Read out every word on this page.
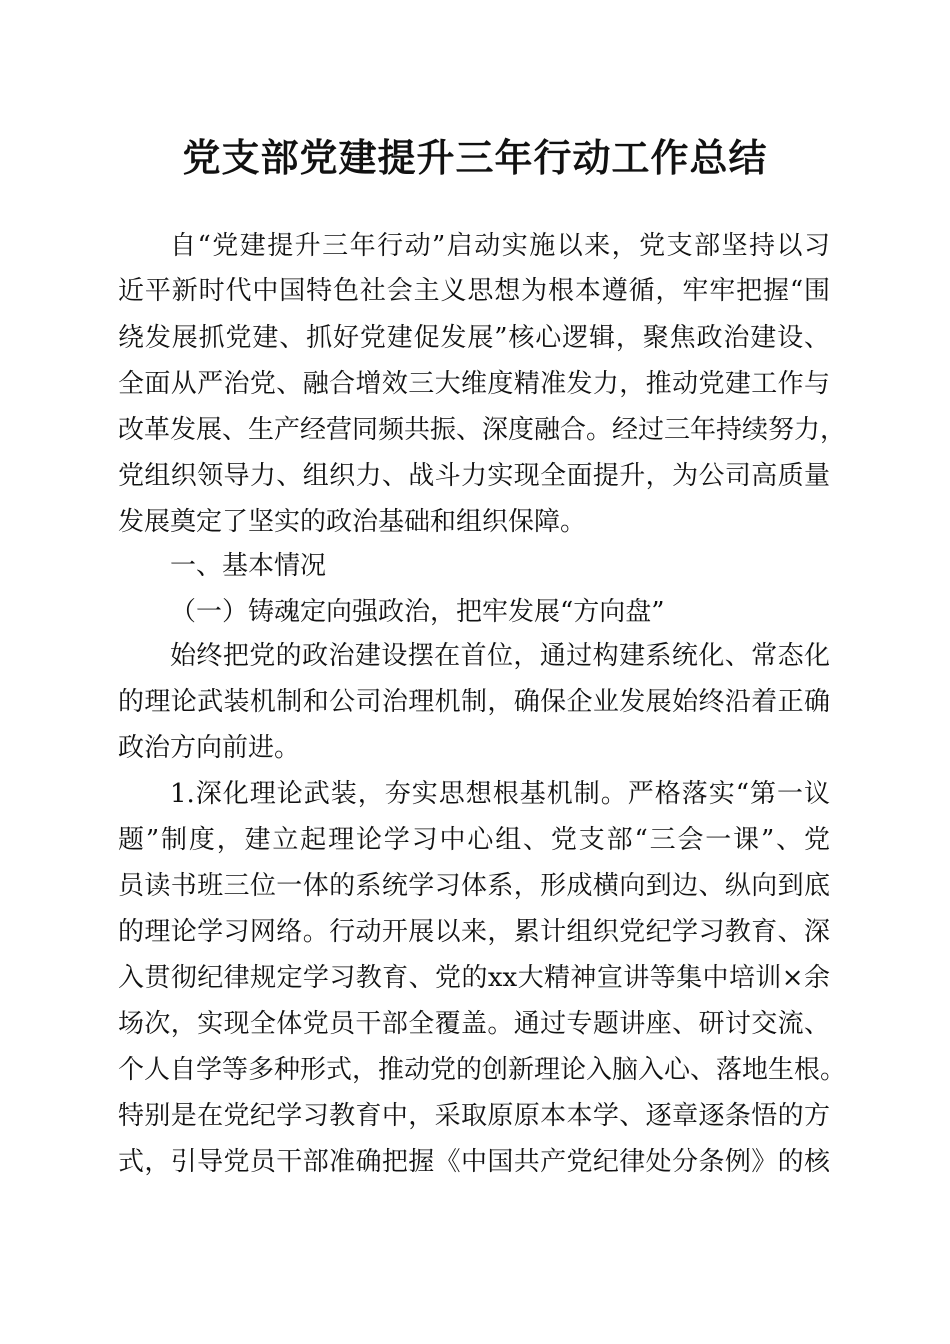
党支部党建提升三年行动工作总结
自“党建提升三年行动”启动实施以来，党支部坚持以习
近平新时代中国特色社会主义思想为根本遵循，牢牢把握“围
绕发展抓党建、抓好党建促发展”核心逻辑，聚焦政治建设、
全面从严治党、融合增效三大维度精准发力，推动党建工作与
改革发展、生产经营同频共振、深度融合。经过三年持续努力，
党组织领导力、组织力、战斗力实现全面提升，为公司高质量
发展奠定了坚实的政治基础和组织保障。
一、基本情况
（一）铸魂定向强政治，把牢发展“方向盘”
始终把党的政治建设摆在首位，通过构建系统化、常态化
的理论武装机制和公司治理机制，确保企业发展始终沿着正确
政治方向前进。
1.深化理论武装，夯实思想根基机制。严格落实“第一议
题”制度，建立起理论学习中心组、党支部“三会一课”、党
员读书班三位一体的系统学习体系，形成横向到边、纵向到底
的理论学习网络。行动开展以来，累计组织党纪学习教育、深
入贯彻纪律规定学习教育、党的xx大精神宣讲等集中培训×余
场次，实现全体党员干部全覆盖。通过专题讲座、研讨交流、
个人自学等多种形式，推动党的创新理论入脑入心、落地生根。
特别是在党纪学习教育中，采取原原本本学、逐章逐条悟的方
式，引导党员干部准确把握《中国共产党纪律处分条例》的核
